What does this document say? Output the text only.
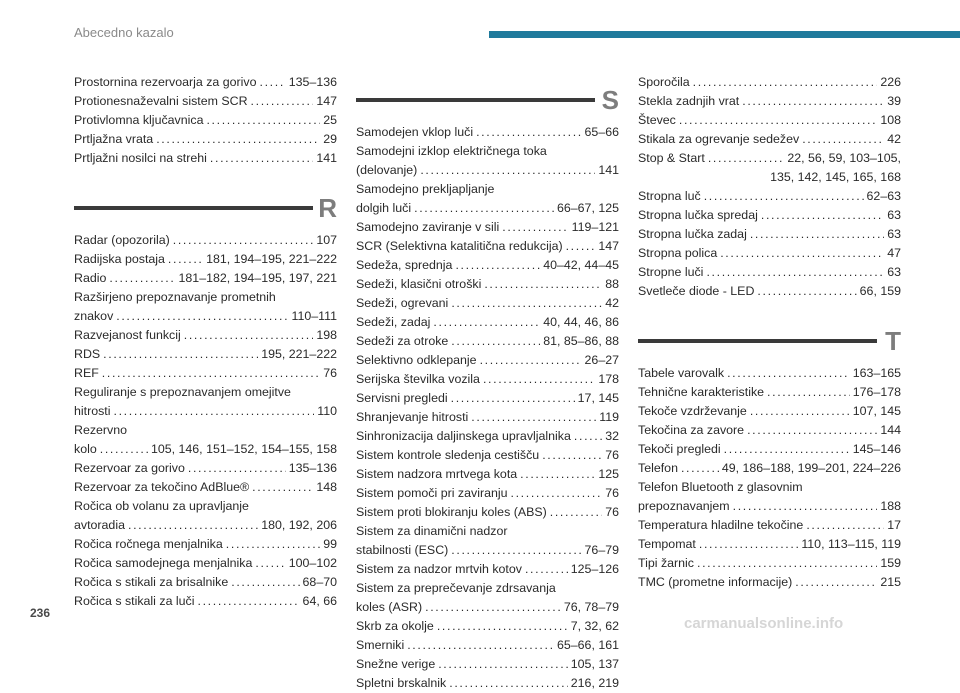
Abecedno kazalo
Prostornina rezervoarja za gorivo . . .	135–136
Protionesnaževalni sistem SCR . . .	147
Protivlomna ključavnica . . .	25
Prtljažna vrata . . .	29
Prtljažni nosilci na strehi . . .	141
R
Radar (opozorila) . . .	107
Radijska postaja . . .	181, 194–195, 221–222
Radio . . .	181–182, 194–195, 197, 221
Razširjeno prepoznavanje prometnih
znakov . . .	110–111
Razvejanost funkcij . . .	198
RDS . . .	195, 221–222
REF . . .	76
Reguliranje s prepoznavanjem omejitve
hitrosti . . .	110
Rezervno
kolo . . .	105, 146, 151–152, 154–155, 158
Rezervoar za gorivo . . .	135–136
Rezervoar za tekočino AdBlue® . . .	148
Ročica ob volanu za upravljanje
avtoradia . . .	180, 192, 206
Ročica ročnega menjalnika . . .	99
Ročica samodejnega menjalnika . . .	100–102
Ročica s stikali za brisalnike . . .	68–70
Ročica s stikali za luči . . .	64, 66
S
Samodejen vklop luči . . .	65–66
Samodejni izklop električnega toka
(delovanje) . . .	141
Samodejno prekljapljanje
dolgih luči . . .	66–67, 125
Samodejno zaviranje v sili . . .	119–121
SCR (Selektivna katalitična redukcija) . . .	147
Sedeža, sprednja . . .	40–42, 44–45
Sedeži, klasični otroški . . .	88
Sedeži, ogrevani . . .	42
Sedeži, zadaj . . .	40, 44, 46, 86
Sedeži za otroke . . .	81, 85–86, 88
Selektivno odklepanje . . .	26–27
Serijska številka vozila . . .	178
Servisni pregledi . . .	17, 145
Shranjevanje hitrosti . . .	119
Sinhronizacija daljinskega upravljalnika . . .	32
Sistem kontrole sledenja cestišču . . .	76
Sistem nadzora mrtvega kota . . .	125
Sistem pomoči pri zaviranju . . .	76
Sistem proti blokiranju koles (ABS) . . .	76
Sistem za dinamični nadzor
stabilnosti (ESC) . . .	76–79
Sistem za nadzor mrtvih kotov . . .	125–126
Sistem za preprečevanje zdrsavanja
koles (ASR) . . .	76, 78–79
Skrb za okolje . . .	7, 32, 62
Smerniki . . .	65–66, 161
Snežne verige . . .	105, 137
Spletni brskalnik . . .	216, 219
Sporočila . . .	226
Stekla zadnjih vrat . . .	39
Števec . . .	108
Stikala za ogrevanje sedežev . . .	42
Stop & Start . . .	22, 56, 59, 103–105,
135, 142, 145, 165, 168
Stropna luč . . .	62–63
Stropna lučka spredaj . . .	63
Stropna lučka zadaj . . .	63
Stropna polica . . .	47
Stropne luči . . .	63
Svetleče diode - LED . . .	66, 159
T
Tabele varovalk . . .	163–165
Tehnične karakteristike . . .	176–178
Tekoče vzdrževanje . . .	107, 145
Tekočina za zavore . . .	144
Tekoči pregledi . . .	145–146
Telefon . . .	49, 186–188, 199–201, 224–226
Telefon Bluetooth z glasovnim
prepoznavanjem . . .	188
Temperatura hladilne tekočine . . .	17
Tempomat . . .	110, 113–115, 119
Tipi žarnic . . .	159
TMC (prometne informacije) . . .	215
236
carmanualsonline.info
